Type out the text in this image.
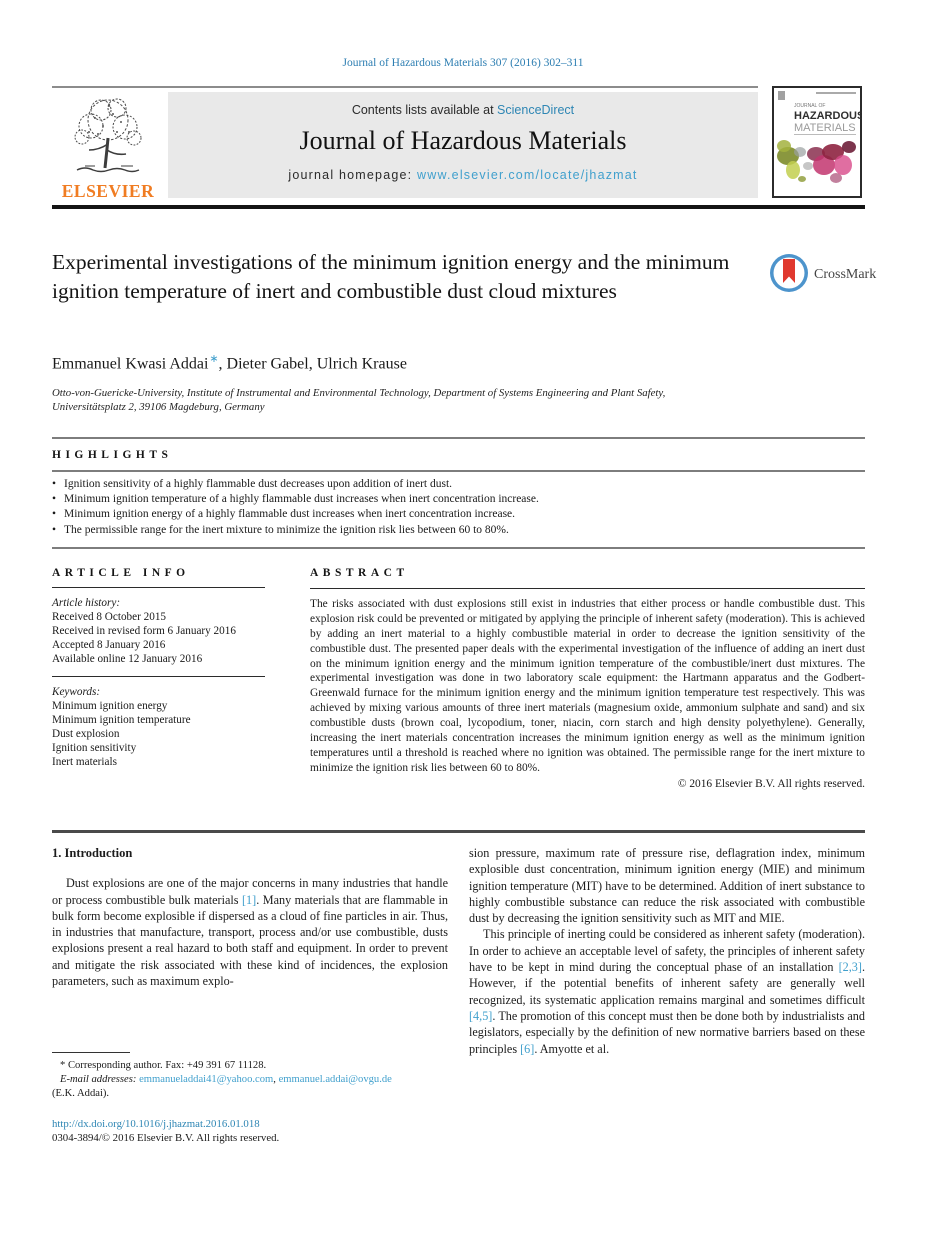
Journal of Hazardous Materials 307 (2016) 302–311
ELSEVIER
Contents lists available at ScienceDirect
Journal of Hazardous Materials
journal homepage: www.elsevier.com/locate/jhazmat
JOURNAL OF
HAZARDOUS
MATERIALS
Experimental investigations of the minimum ignition energy and the minimum ignition temperature of inert and combustible dust cloud mixtures
CrossMark
Emmanuel Kwasi Addai∗, Dieter Gabel, Ulrich Krause
Otto-von-Guericke-University, Institute of Instrumental and Environmental Technology, Department of Systems Engineering and Plant Safety,
Universitätsplatz 2, 39106 Magdeburg, Germany
HIGHLIGHTS
• Ignition sensitivity of a highly flammable dust decreases upon addition of inert dust.
• Minimum ignition temperature of a highly flammable dust increases when inert concentration increase.
• Minimum ignition energy of a highly flammable dust increases when inert concentration increase.
• The permissible range for the inert mixture to minimize the ignition risk lies between 60 to 80%.
ARTICLE INFO
Article history:
Received 8 October 2015
Received in revised form 6 January 2016
Accepted 8 January 2016
Available online 12 January 2016
Keywords:
Minimum ignition energy
Minimum ignition temperature
Dust explosion
Ignition sensitivity
Inert materials
ABSTRACT
The risks associated with dust explosions still exist in industries that either process or handle combustible dust. This explosion risk could be prevented or mitigated by applying the principle of inherent safety (moderation). This is achieved by adding an inert material to a highly combustible material in order to decrease the ignition sensitivity of the combustible dust. The presented paper deals with the experimental investigation of the influence of adding an inert dust on the minimum ignition energy and the minimum ignition temperature of the combustible/inert dust mixtures. The experimental investigation was done in two laboratory scale equipment: the Hartmann apparatus and the Godbert-Greenwald furnace for the minimum ignition energy and the minimum ignition temperature test respectively. This was achieved by mixing various amounts of three inert materials (magnesium oxide, ammonium sulphate and sand) and six combustible dusts (brown coal, lycopodium, toner, niacin, corn starch and high density polyethylene). Generally, increasing the inert materials concentration increases the minimum ignition energy as well as the minimum ignition temperatures until a threshold is reached where no ignition was obtained. The permissible range for the inert mixture to minimize the ignition risk lies between 60 to 80%.
© 2016 Elsevier B.V. All rights reserved.
1. Introduction
Dust explosions are one of the major concerns in many industries that handle or process combustible bulk materials [1]. Many materials that are flammable in bulk form become explosible if dispersed as a cloud of fine particles in air. Thus, in industries that manufacture, transport, process and/or use combustible, dusts explosions present a real hazard to both staff and equipment. In order to prevent and mitigate the risk associated with these kind of incidences, the explosion parameters, such as maximum explo-
sion pressure, maximum rate of pressure rise, deflagration index, minimum explosible dust concentration, minimum ignition energy (MIE) and minimum ignition temperature (MIT) have to be determined. Addition of inert substance to highly combustible substance can reduce the risk associated with combustible dust by decreasing the ignition sensitivity such as MIT and MIE.
This principle of inerting could be considered as inherent safety (moderation). In order to achieve an acceptable level of safety, the principles of inherent safety have to be kept in mind during the conceptual phase of an installation [2,3]. However, if the potential benefits of inherent safety are generally well recognized, its systematic application remains marginal and sometimes difficult [4,5]. The promotion of this concept must then be done both by industrialists and legislators, especially by the definition of new normative barriers based on these principles [6]. Amyotte et al.
* Corresponding author. Fax: +49 391 67 11128.
E-mail addresses: emmanueladdai41@yahoo.com, emmanuel.addai@ovgu.de
(E.K. Addai).
http://dx.doi.org/10.1016/j.jhazmat.2016.01.018
0304-3894/© 2016 Elsevier B.V. All rights reserved.
